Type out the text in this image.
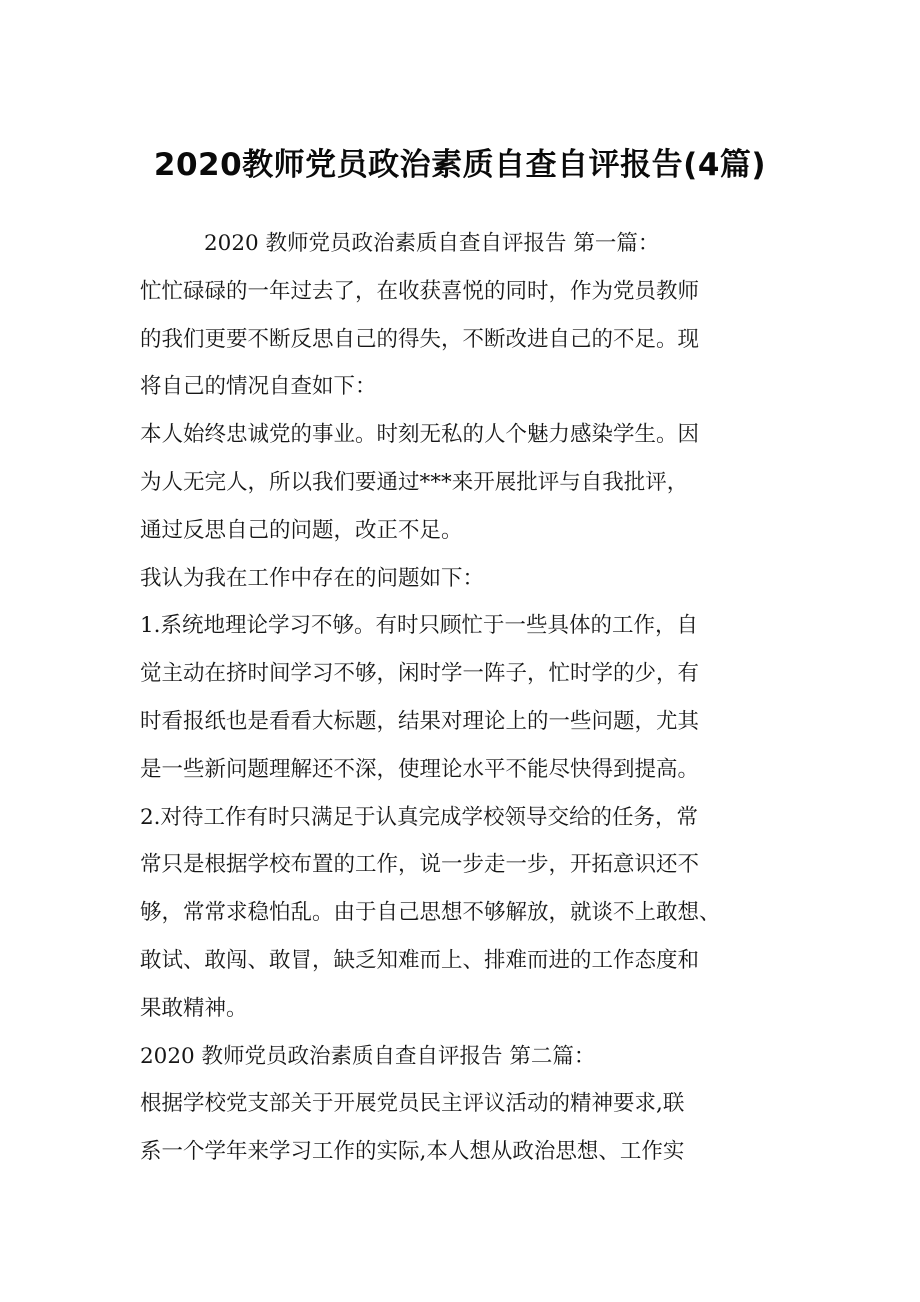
2020教师党员政治素质自查自评报告(4篇)
2020 教师党员政治素质自查自评报告 第一篇：
忙忙碌碌的一年过去了，在收获喜悦的同时，作为党员教师
的我们更要不断反思自己的得失，不断改进自己的不足。现
将自己的情况自查如下：
本人始终忠诚党的事业。时刻无私的人个魅力感染学生。因
为人无完人，所以我们要通过***来开展批评与自我批评，
通过反思自己的问题，改正不足。
我认为我在工作中存在的问题如下：
1.系统地理论学习不够。有时只顾忙于一些具体的工作，自
觉主动在挤时间学习不够，闲时学一阵子，忙时学的少，有
时看报纸也是看看大标题，结果对理论上的一些问题，尤其
是一些新问题理解还不深，使理论水平不能尽快得到提高。
2.对待工作有时只满足于认真完成学校领导交给的任务，常
常只是根据学校布置的工作，说一步走一步，开拓意识还不
够，常常求稳怕乱。由于自己思想不够解放，就谈不上敢想、
敢试、敢闯、敢冒，缺乏知难而上、排难而进的工作态度和
果敢精神。
2020 教师党员政治素质自查自评报告 第二篇：
根据学校党支部关于开展党员民主评议活动的精神要求,联
系一个学年来学习工作的实际,本人想从政治思想、工作实
